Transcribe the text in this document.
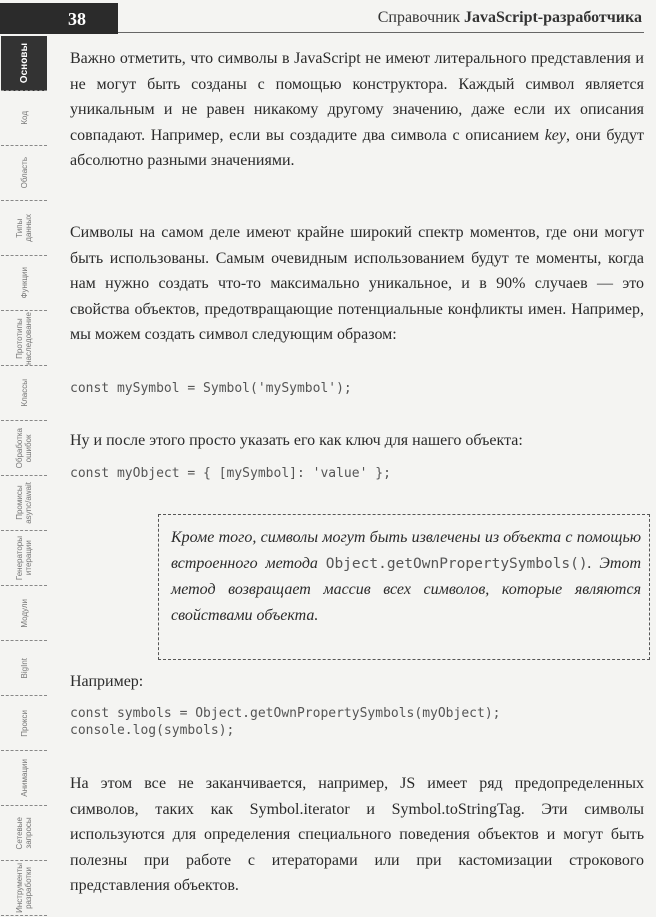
38	Справочник JavaScript-разработчика
Основы
Код
Область
Типы
данных
Функции
Прототипы
наследование
Классы
Обработка
ошибок
Промисы
async/await
Генераторы
итерации
Модули
BigInt
Прокси
Анимации
Сетевые
запросы
Инструменты
разработки

Важно отметить, что символы в JavaScript не имеют литерального представления и не могут быть созданы с помощью конструктора. Каждый символ является уникальным и не равен никакому другому значению, даже если их описания совпадают. Например, если вы создадите два символа с описанием key, они будут абсолютно разными значениями.

Символы на самом деле имеют крайне широкий спектр моментов, где они могут быть использованы. Самым очевидным использованием будут те моменты, когда нам нужно создать что-то максимально уникальное, и в 90% случаев — это свойства объектов, предотвращающие потенциальные конфликты имен. Например, мы можем создать символ следующим образом:

const mySymbol = Symbol('mySymbol');

Ну и после этого просто указать его как ключ для нашего объекта:

const myObject = { [mySymbol]: 'value' };
Кроме того, символы могут быть извлечены из объекта с помощью встроенного метода Object.getOwnPropertySymbols(). Этот метод возвращает массив всех символов, которые являются свойствами объекта.

Например:

const symbols = Object.getOwnPropertySymbols(myObject);
console.log(symbols);

На этом все не заканчивается, например, JS имеет ряд предопределенных символов, таких как Symbol.iterator и Symbol.toStringTag. Эти символы используются для определения специального поведения объектов и могут быть полезны при работе с итераторами или при кастомизации строкового представления объектов.
